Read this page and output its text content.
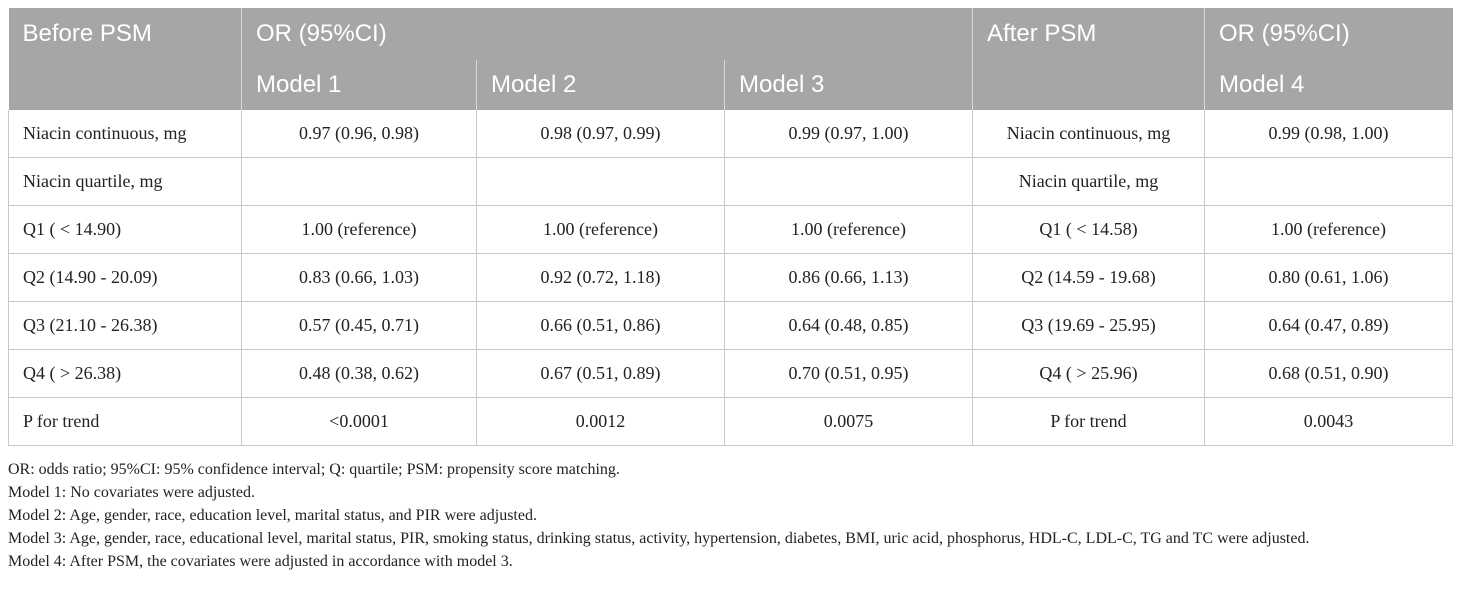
Before PSM	OR (95%CI)			After PSM	OR (95%CI)
	Model 1	Model 2	Model 3		Model 4
Niacin continuous, mg	0.97 (0.96, 0.98)	0.98 (0.97, 0.99)	0.99 (0.97, 1.00)	Niacin continuous, mg	0.99 (0.98, 1.00)
Niacin quartile, mg				Niacin quartile, mg	
Q1 ( < 14.90)	1.00 (reference)	1.00 (reference)	1.00 (reference)	Q1 ( < 14.58)	1.00 (reference)
Q2 (14.90 - 20.09)	0.83 (0.66, 1.03)	0.92 (0.72, 1.18)	0.86 (0.66, 1.13)	Q2 (14.59 - 19.68)	0.80 (0.61, 1.06)
Q3 (21.10 - 26.38)	0.57 (0.45, 0.71)	0.66 (0.51, 0.86)	0.64 (0.48, 0.85)	Q3 (19.69 - 25.95)	0.64 (0.47, 0.89)
Q4 ( > 26.38)	0.48 (0.38, 0.62)	0.67 (0.51, 0.89)	0.70 (0.51, 0.95)	Q4 ( > 25.96)	0.68 (0.51, 0.90)
P for trend	<0.0001	0.0012	0.0075	P for trend	0.0043
OR: odds ratio; 95%CI: 95% confidence interval; Q: quartile; PSM: propensity score matching.
Model 1: No covariates were adjusted.
Model 2: Age, gender, race, education level, marital status, and PIR were adjusted.
Model 3: Age, gender, race, educational level, marital status, PIR, smoking status, drinking status, activity, hypertension, diabetes, BMI, uric acid, phosphorus, HDL-C, LDL-C, TG and TC were adjusted.
Model 4: After PSM, the covariates were adjusted in accordance with model 3.
